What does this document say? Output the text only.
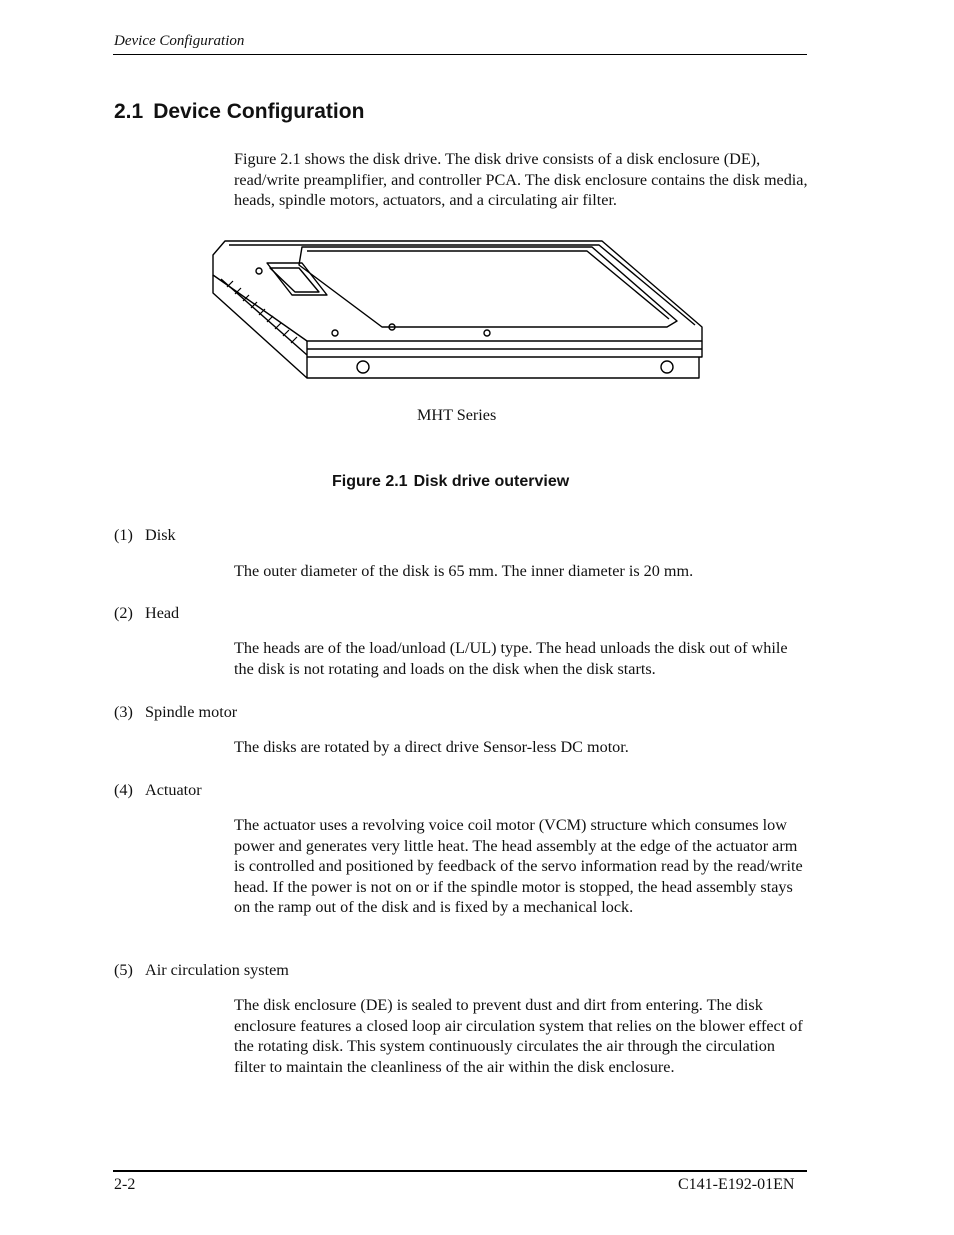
Device Configuration
2.1 Device Configuration
Figure 2.1 shows the disk drive. The disk drive consists of a disk enclosure (DE), read/write preamplifier, and controller PCA. The disk enclosure contains the disk media, heads, spindle motors, actuators, and a circulating air filter.
MHT Series
Figure 2.1 Disk drive outerview
(1) Disk
The outer diameter of the disk is 65 mm. The inner diameter is 20 mm.
(2) Head
The heads are of the load/unload (L/UL) type. The head unloads the disk out of while the disk is not rotating and loads on the disk when the disk starts.
(3) Spindle motor
The disks are rotated by a direct drive Sensor-less DC motor.
(4) Actuator
The actuator uses a revolving voice coil motor (VCM) structure which consumes low power and generates very little heat. The head assembly at the edge of the actuator arm is controlled and positioned by feedback of the servo information read by the read/write head. If the power is not on or if the spindle motor is stopped, the head assembly stays on the ramp out of the disk and is fixed by a mechanical lock.
(5) Air circulation system
The disk enclosure (DE) is sealed to prevent dust and dirt from entering. The disk enclosure features a closed loop air circulation system that relies on the blower effect of the rotating disk. This system continuously circulates the air through the circulation filter to maintain the cleanliness of the air within the disk enclosure.
2-2	C141-E192-01EN
